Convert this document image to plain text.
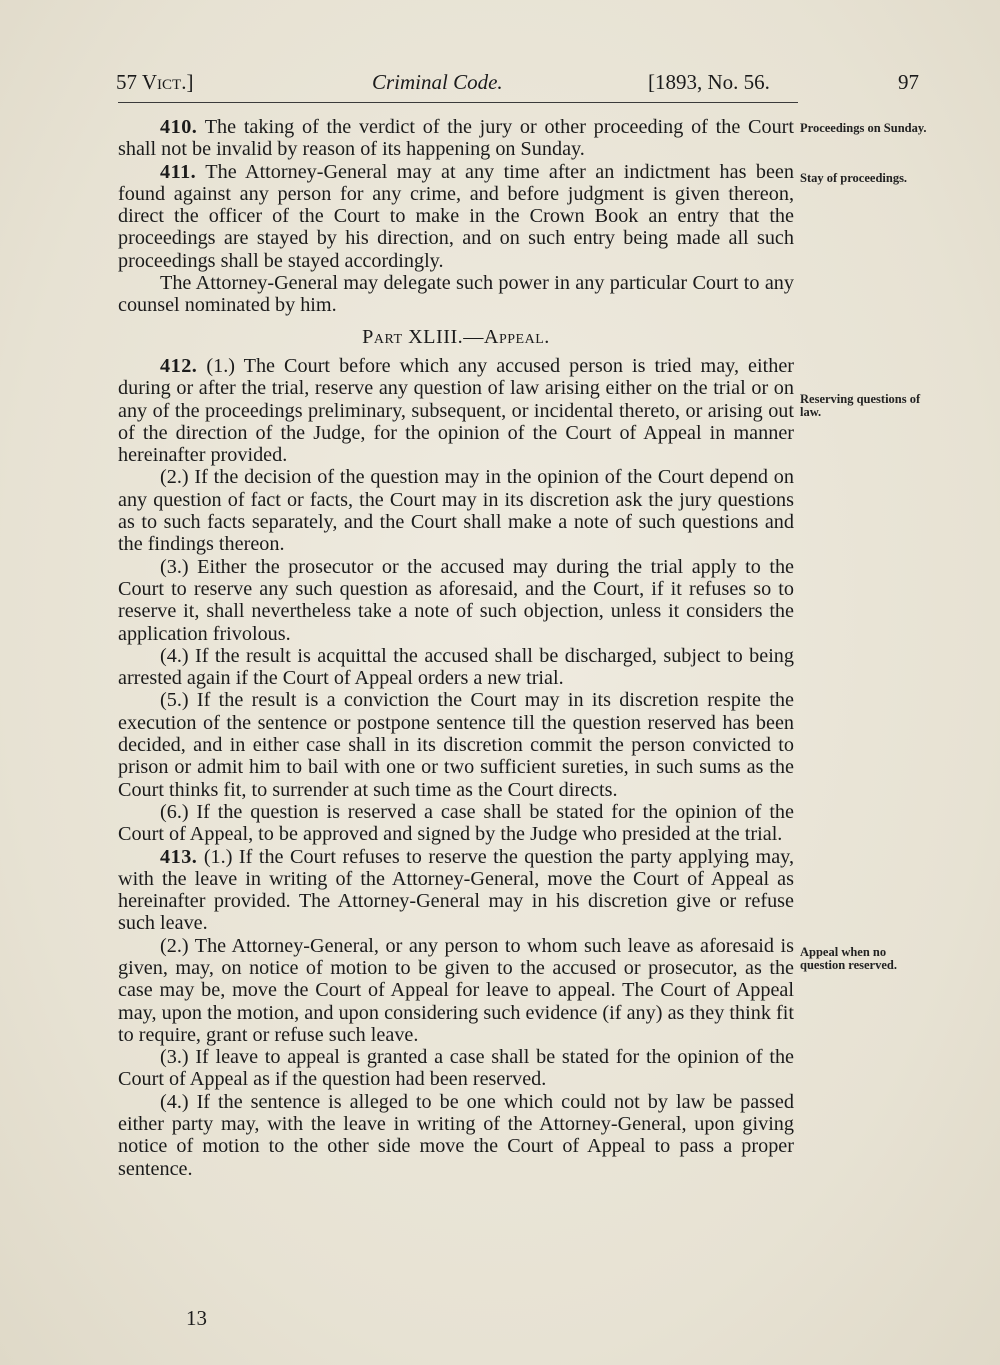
57 Vict.]	Criminal Code.	[1893, No. 56.	97

410. The taking of the verdict of the jury or other proceeding of the Court shall not be invalid by reason of its happening on Sunday.

411. The Attorney-General may at any time after an indictment has been found against any person for any crime, and before judgment is given thereon, direct the officer of the Court to make in the Crown Book an entry that the proceedings are stayed by his direction, and on such entry being made all such proceedings shall be stayed accordingly.

The Attorney-General may delegate such power in any particular Court to any counsel nominated by him.

Part XLIII.—Appeal.

412. (1.) The Court before which any accused person is tried may, either during or after the trial, reserve any question of law arising either on the trial or on any of the proceedings preliminary, subsequent, or incidental thereto, or arising out of the direction of the Judge, for the opinion of the Court of Appeal in manner hereinafter provided.

(2.) If the decision of the question may in the opinion of the Court depend on any question of fact or facts, the Court may in its discretion ask the jury questions as to such facts separately, and the Court shall make a note of such questions and the findings thereon.

(3.) Either the prosecutor or the accused may during the trial apply to the Court to reserve any such question as aforesaid, and the Court, if it refuses so to reserve it, shall nevertheless take a note of such objection, unless it considers the application frivolous.

(4.) If the result is acquittal the accused shall be discharged, subject to being arrested again if the Court of Appeal orders a new trial.

(5.) If the result is a conviction the Court may in its discretion respite the execution of the sentence or postpone sentence till the question reserved has been decided, and in either case shall in its discretion commit the person convicted to prison or admit him to bail with one or two sufficient sureties, in such sums as the Court thinks fit, to surrender at such time as the Court directs.

(6.) If the question is reserved a case shall be stated for the opinion of the Court of Appeal, to be approved and signed by the Judge who presided at the trial.

413. (1.) If the Court refuses to reserve the question the party applying may, with the leave in writing of the Attorney-General, move the Court of Appeal as hereinafter provided. The Attorney-General may in his discretion give or refuse such leave.

(2.) The Attorney-General, or any person to whom such leave as aforesaid is given, may, on notice of motion to be given to the accused or prosecutor, as the case may be, move the Court of Appeal for leave to appeal. The Court of Appeal may, upon the motion, and upon considering such evidence (if any) as they think fit to require, grant or refuse such leave.

(3.) If leave to appeal is granted a case shall be stated for the opinion of the Court of Appeal as if the question had been reserved.

(4.) If the sentence is alleged to be one which could not by law be passed either party may, with the leave in writing of the Attorney-General, upon giving notice of motion to the other side move the Court of Appeal to pass a proper sentence.

Proceedings on Sunday.
Stay of proceedings.
Reserving questions of law.
Appeal when no question reserved.
13
